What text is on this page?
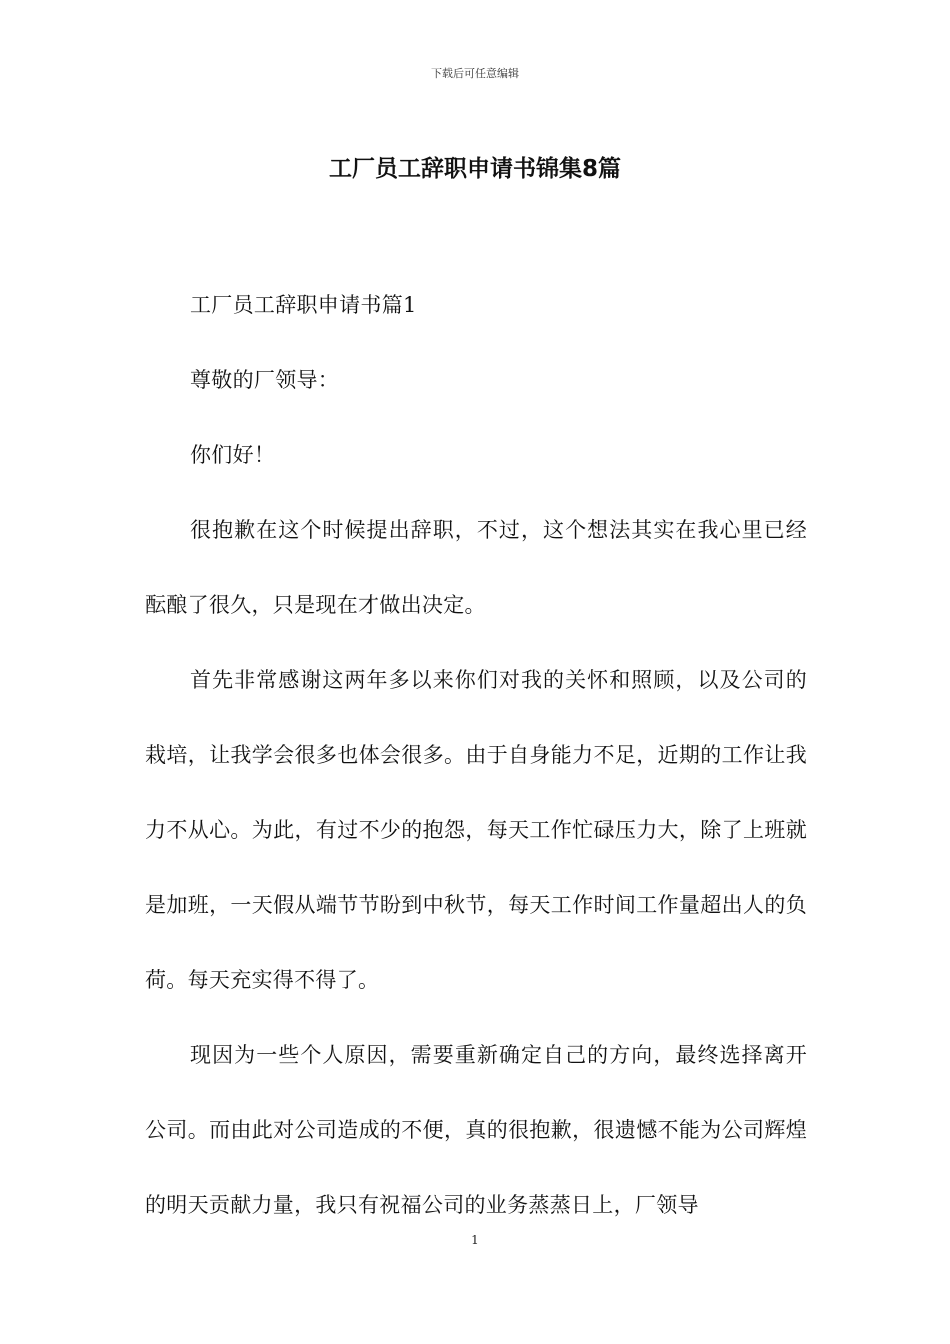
下载后可任意编辑
工厂员工辞职申请书锦集8篇

工厂员工辞职申请书篇1

尊敬的厂领导：

你们好！

很抱歉在这个时候提出辞职，不过，这个想法其实在我心里已经酝酿了很久，只是现在才做出决定。

首先非常感谢这两年多以来你们对我的关怀和照顾，以及公司的栽培，让我学会很多也体会很多。由于自身能力不足，近期的工作让我力不从心。为此，有过不少的抱怨，每天工作忙碌压力大，除了上班就是加班，一天假从端节节盼到中秋节，每天工作时间工作量超出人的负荷。每天充实得不得了。

现因为一些个人原因，需要重新确定自己的方向，最终选择离开公司。而由此对公司造成的不便，真的很抱歉，很遗憾不能为公司辉煌的明天贡献力量，我只有祝福公司的业务蒸蒸日上，厂领导

1
